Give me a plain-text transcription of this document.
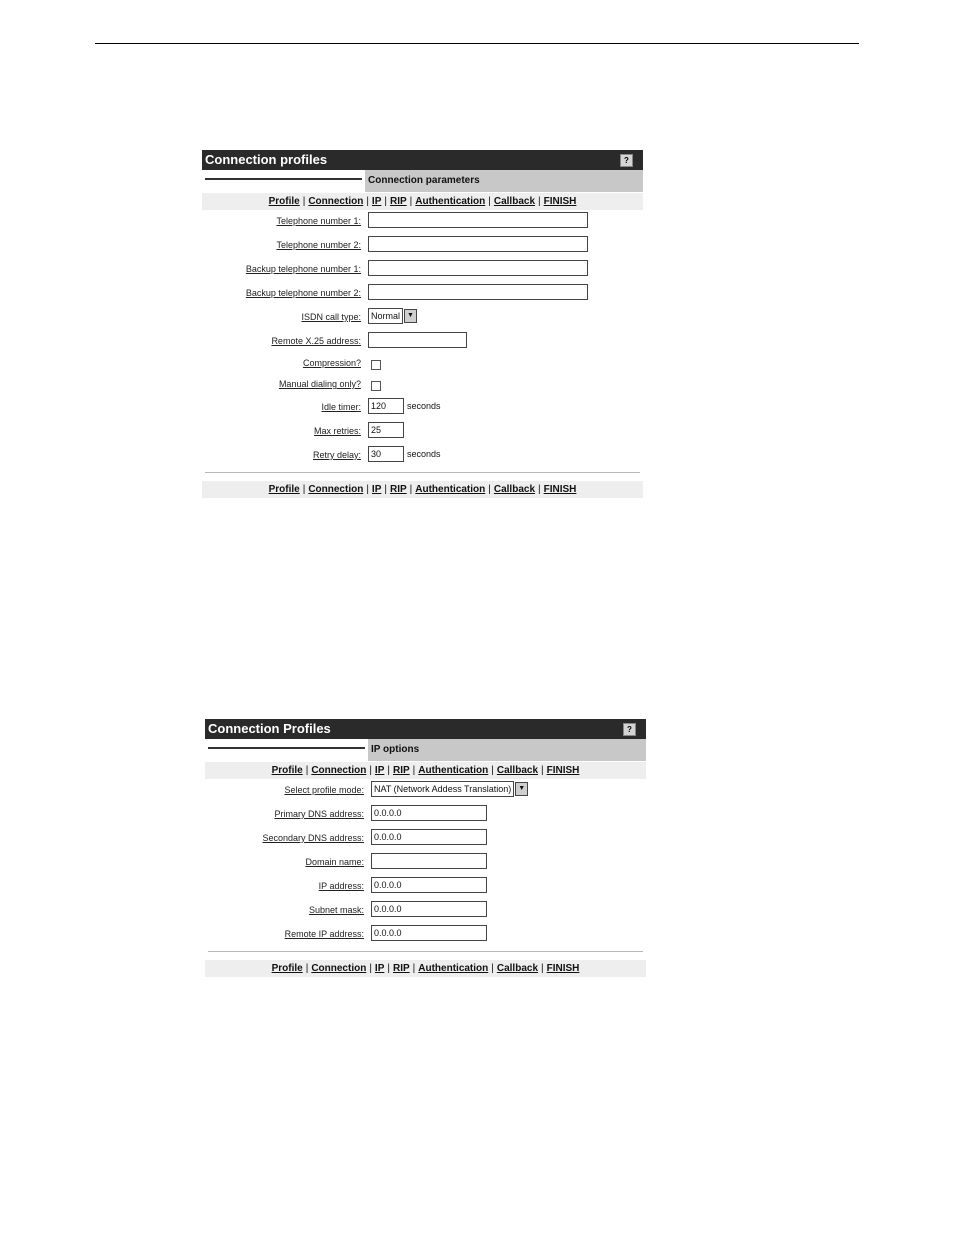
Connection profiles	?
Connection parameters
Profile | Connection | IP | RIP | Authentication | Callback | FINISH
Telephone number 1:
Telephone number 2:
Backup telephone number 1:
Backup telephone number 2:
ISDN call type:	Normal	▼
Remote X.25 address:
Compression?
Manual dialing only?
Idle timer:	120	seconds
Max retries:	25
Retry delay:	30	seconds
Profile | Connection | IP | RIP | Authentication | Callback | FINISH
Connection Profiles	?
IP options
Profile | Connection | IP | RIP | Authentication | Callback | FINISH
Select profile mode:	NAT (Network Addess Translation)	▼
Primary DNS address:	0.0.0.0
Secondary DNS address:	0.0.0.0
Domain name:
IP address:	0.0.0.0
Subnet mask:	0.0.0.0
Remote IP address:	0.0.0.0
Profile | Connection | IP | RIP | Authentication | Callback | FINISH
